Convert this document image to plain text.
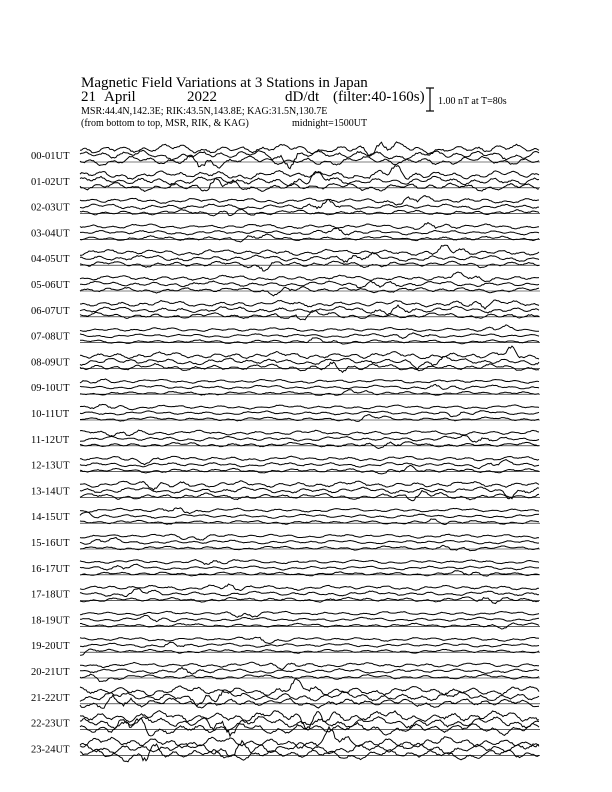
Magnetic Field Variations at 3 Stations in Japan
21 April	2022	dD/dt (filter:40-160s)
MSR:44.4N,142.3E; RIK:43.5N,143.8E; KAG:31.5N,130.7E
(from bottom to top, MSR, RIK, & KAG)	midnight=1500UT
1.00 nT at T=80s
00-01UT
01-02UT
02-03UT
03-04UT
04-05UT
05-06UT
06-07UT
07-08UT
08-09UT
09-10UT
10-11UT
11-12UT
12-13UT
13-14UT
14-15UT
15-16UT
16-17UT
17-18UT
18-19UT
19-20UT
20-21UT
21-22UT
22-23UT
23-24UT
